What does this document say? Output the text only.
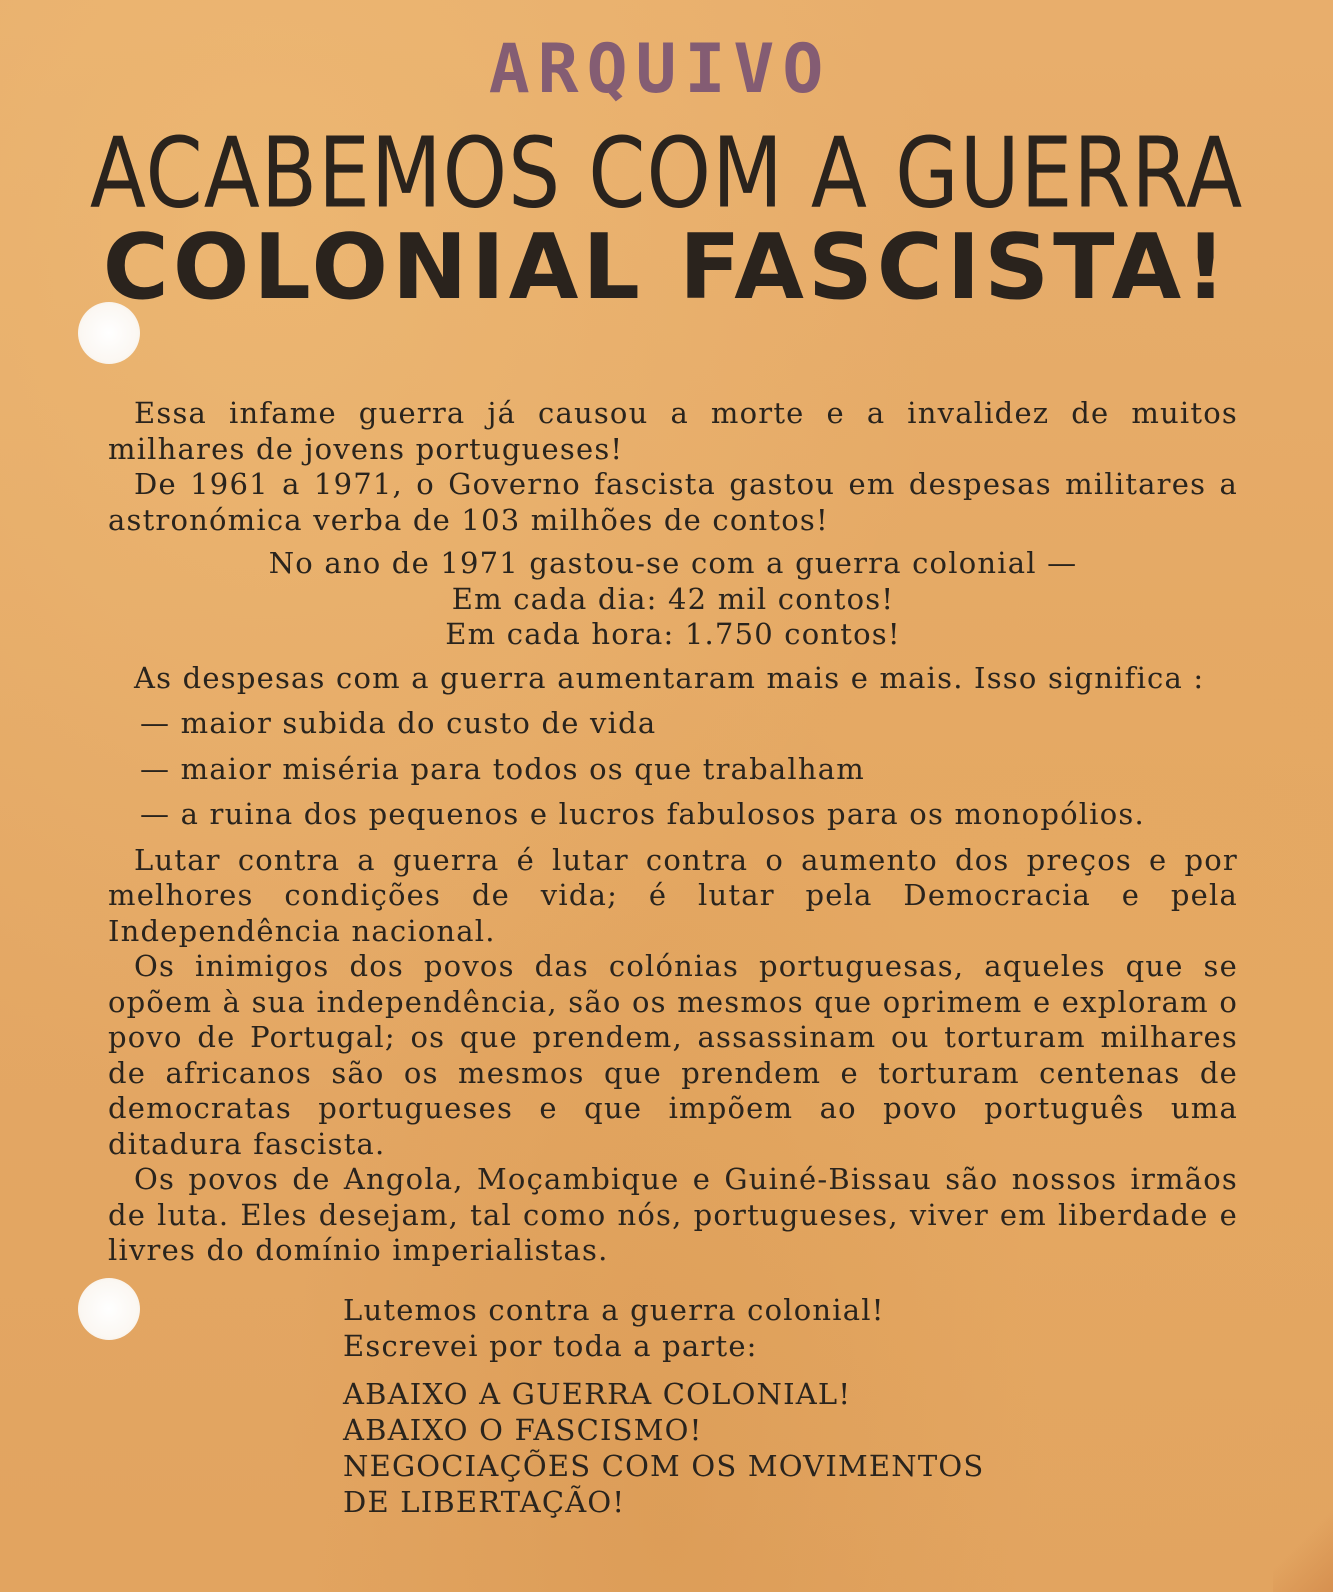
ARQUIVO
ACABEMOS COM A GUERRA
COLONIAL FASCISTA!

Essa infame guerra já causou a morte e a invalidez de muitos milhares de jovens portugueses!

De 1961 a 1971, o Governo fascista gastou em despesas militares a astronómica verba de 103 milhões de contos!

No ano de 1971 gastou-se com a guerra colonial —
Em cada dia: 42 mil contos!
Em cada hora: 1.750 contos!

As despesas com a guerra aumentaram mais e mais. Isso significa :

— maior subida do custo de vida
— maior miséria para todos os que trabalham
— a ruina dos pequenos e lucros fabulosos para os monopólios.

Lutar contra a guerra é lutar contra o aumento dos preços e por melhores condições de vida; é lutar pela Democracia e pela Independência nacional.

Os inimigos dos povos das colónias portuguesas, aqueles que se opõem à sua independência, são os mesmos que oprimem e exploram o povo de Portugal; os que prendem, assassinam ou torturam milhares de africanos são os mesmos que prendem e torturam centenas de democratas portugueses e que impõem ao povo português uma ditadura fascista.

Os povos de Angola, Moçambique e Guiné-Bissau são nossos irmãos de luta. Eles desejam, tal como nós, portugueses, viver em liberdade e livres do domínio imperialistas.

Lutemos contra a guerra colonial!
Escrevei por toda a parte:
ABAIXO A GUERRA COLONIAL!
ABAIXO O FASCISMO!
NEGOCIAÇÕES COM OS MOVIMENTOS
DE LIBERTAÇÃO!
